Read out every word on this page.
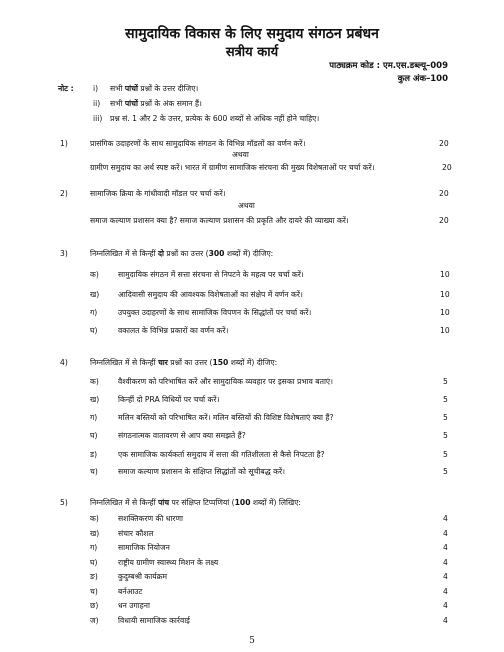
सामुदायिक विकास के लिए समुदाय संगठन प्रबंधन
सत्रीय कार्य
पाठ्यक्रम कोड : एम.एस.डब्ल्यू–009
कुल अंक–100
नोट :	i) सभी पांचों प्रश्नों के उत्तर दीजिए।
ii) सभी पांचों प्रश्नों के अंक समान हैं।
iii) प्रश्न सं. 1 और 2 के उत्तर, प्रत्येक के 600 शब्दों से अधिक नहीं होने चाहिए।
1)	प्रासंगिक उदाहरणों के साथ सामुदायिक संगठन के विभिन्न मॉडलों का वर्णन करें।	20
अथवा
ग्रामीण समुदाय का अर्थ स्पष्ट करें। भारत में ग्रामीण सामाजिक संरचना की मुख्य विशेषताओं पर चर्चा करें।	20
2)	सामाजिक क्रिया के गांधीवादी मॉडल पर चर्चा करें।	20
अथवा
समाज कल्याण प्रशासन क्या है? समाज कल्याण प्रशासन की प्रकृति और दायरे की व्याख्या करें।	20
3)	निम्नलिखित में से किन्हीं दो प्रश्नों का उत्तर (300 शब्दों में) दीजिए:
क)	सामुदायिक संगठन में सत्ता संरचना से निपटने के महत्व पर चर्चा करें।	10
ख) आदिवासी समुदाय की आवश्यक विशेषताओं का संक्षेप में वर्णन करें।	10
ग)	उपयुक्त उदाहरणों के साथ सामाजिक विपणन के सिद्धांतों पर चर्चा करें।	10
घ)	वकालत के विभिन्न प्रकारों का वर्णन करें।	10
4)	निम्नलिखित में से किन्हीं चार प्रश्नों का उत्तर (150 शब्दों में) दीजिए:
क)	वैश्वीकरण को परिभाषित करें और सामुदायिक व्यवहार पर इसका प्रभाव बताएं।	5
ख) किन्हीं दो PRA विधियों पर चर्चा करें।	5
ग)	मलिन बस्तियों को परिभाषित करें। मलिन बस्तियों की विशिष्ट विशेषताएं क्या हैं?	5
घ)	संगठनात्मक वातावरण से आप क्या समझते हैं?	5
ड)	एक सामाजिक कार्यकर्ता समुदाय में सत्ता की गतिशीलता से कैसे निपटता है?	5
च)	समाज कल्याण प्रशासन के संक्षिप्त सिद्धांतों को सूचीबद्ध करें।	5
5)	निम्नलिखित में से किन्हीं पांच पर संक्षिप्त टिप्पणियां (100 शब्दों में) लिखिए:
क)	सशक्तिकरण की धारणा	4
ख) संचार कौशल	4
ग)	सामाजिक नियोजन	4
घ)	राष्ट्रीय ग्रामीण स्वास्थ्य मिशन के लक्ष्य	4
ङ)	कुदुम्बश्री कार्यक्रम	4
च)	बर्नआउट	4
छ)	धन उगाहना	4
ज)	विधायी सामाजिक कार्रवाई	4
5
